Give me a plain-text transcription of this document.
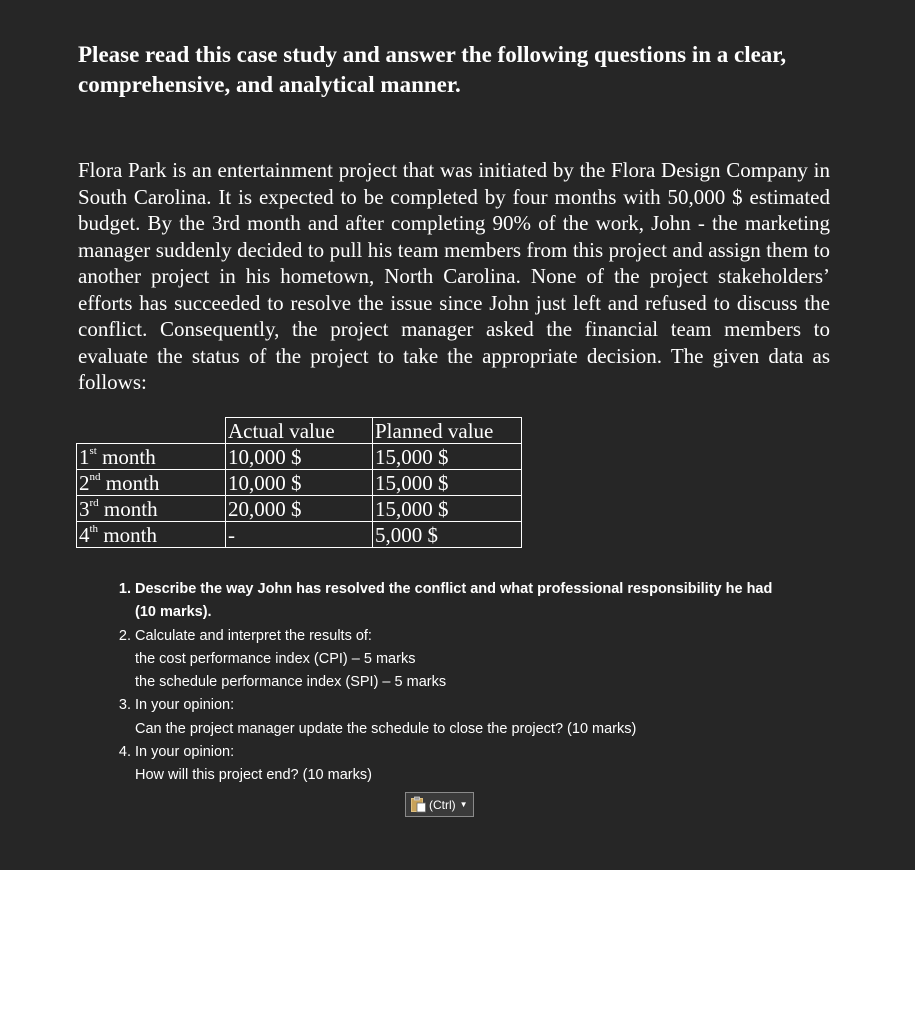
Please read this case study and answer the following questions in a clear, comprehensive, and analytical manner.

Flora Park is an entertainment project that was initiated by the Flora Design Company in South Carolina. It is expected to be completed by four months with 50,000 $ estimated budget. By the 3rd month and after completing 90% of the work, John - the marketing manager suddenly decided to pull his team members from this project and assign them to another project in his hometown, North Carolina. None of the project stakeholders’ efforts has succeeded to resolve the issue since John just left and refused to discuss the conflict. Consequently, the project manager asked the financial team members to evaluate the status of the project to take the appropriate decision. The given data as follows:

	Actual value	Planned value
1st month	10,000 $	15,000 $
2nd month	10,000 $	15,000 $
3rd month	20,000 $	15,000 $
4th month	-	5,000 $
1. Describe the way John has resolved the conflict and what professional responsibility he had
(10 marks).
2. Calculate and interpret the results of:
the cost performance index (CPI) – 5 marks
the schedule performance index (SPI) – 5 marks
3. In your opinion:
Can the project manager update the schedule to close the project? (10 marks)
4. In your opinion:
How will this project end? (10 marks)
(Ctrl) ▼
